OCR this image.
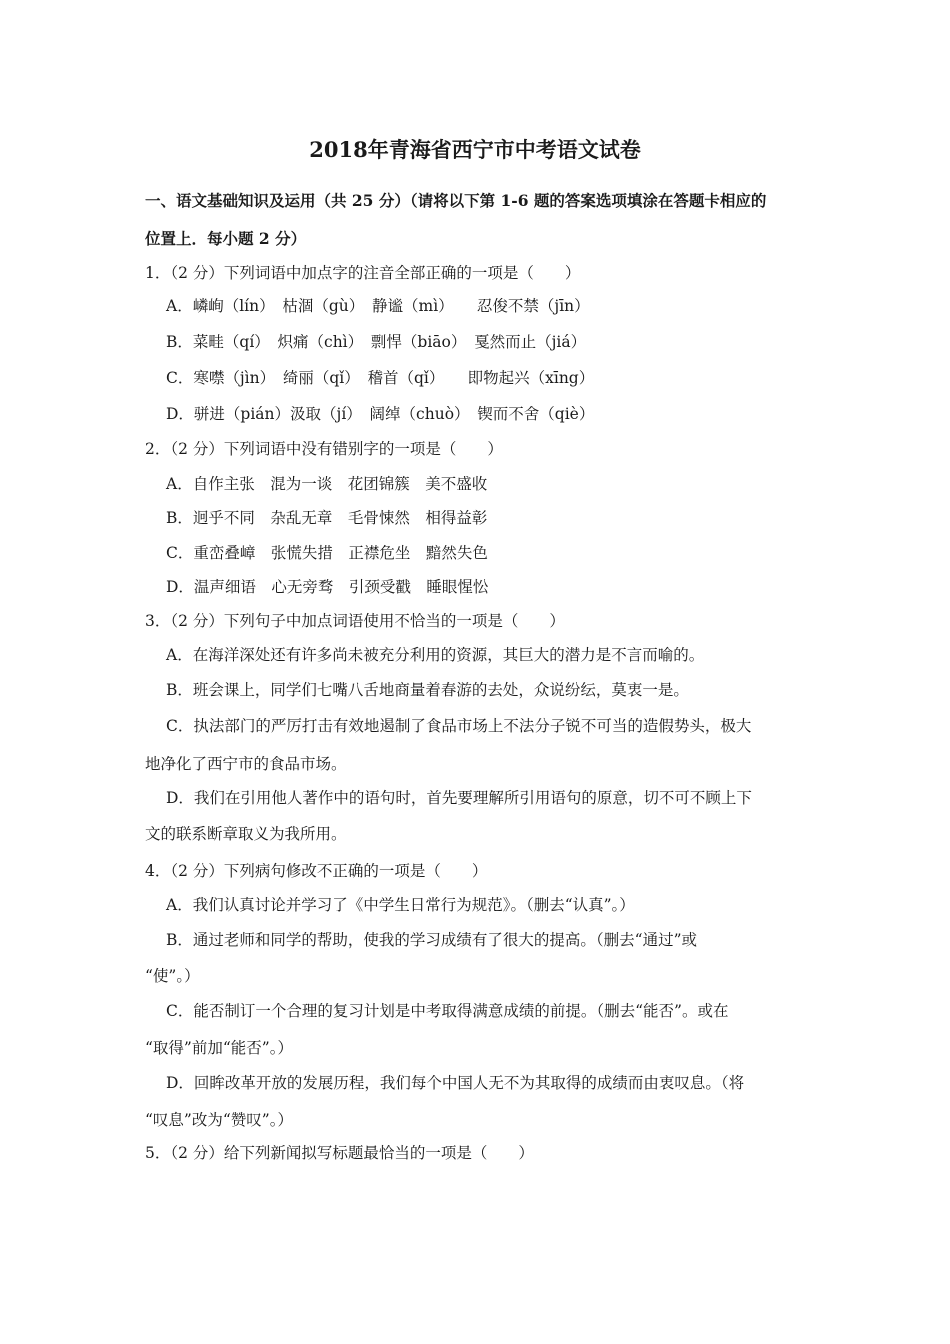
2018年青海省西宁市中考语文试卷
一、语文基础知识及运用（共 25 分）（请将以下第 1-6 题的答案选项填涂在答题卡相应的
位置上．每小题 2 分）
1．（2 分）下列词语中加点字的注音全部正确的一项是（　　）
A．嶙峋（lín）　枯涸（gù）　静谧（mì）　　忍俊不禁（jīn）
B．菜畦（qí）　炽痛（chì）　剽悍（biāo）　戛然而止（jiá）
C．寒噤（jìn）　绮丽（qǐ）　稽首（qǐ）　　即物起兴（xīng）
D．骈进（pián）汲取（jí）　阔绰（chuò）　锲而不舍（qiè）
2．（2 分）下列词语中没有错别字的一项是（　　）
A．自作主张　混为一谈　花团锦簇　美不盛收
B．迥乎不同　杂乱无章　毛骨悚然　相得益彰
C．重峦叠嶂　张慌失措　正襟危坐　黯然失色
D．温声细语　心无旁骛　引颈受戳　睡眼惺忪
3．（2 分）下列句子中加点词语使用不恰当的一项是（　　）
A．在海洋深处还有许多尚未被充分利用的资源，其巨大的潜力是不言而喻的。
B．班会课上，同学们七嘴八舌地商量着春游的去处，众说纷纭，莫衷一是。
C．执法部门的严厉打击有效地遏制了食品市场上不法分子锐不可当的造假势头，极大
地净化了西宁市的食品市场。
D．我们在引用他人著作中的语句时，首先要理解所引用语句的原意，切不可不顾上下
文的联系断章取义为我所用。
4．（2 分）下列病句修改不正确的一项是（　　）
A．我们认真讨论并学习了《中学生日常行为规范》。（删去“认真”。）
B．通过老师和同学的帮助，使我的学习成绩有了很大的提高。（删去“通过”或
“使”。）
C．能否制订一个合理的复习计划是中考取得满意成绩的前提。（删去“能否”。或在
“取得”前加“能否”。）
D．回眸改革开放的发展历程，我们每个中国人无不为其取得的成绩而由衷叹息。（将
“叹息”改为“赞叹”。）
5．（2 分）给下列新闻拟写标题最恰当的一项是（　　）
